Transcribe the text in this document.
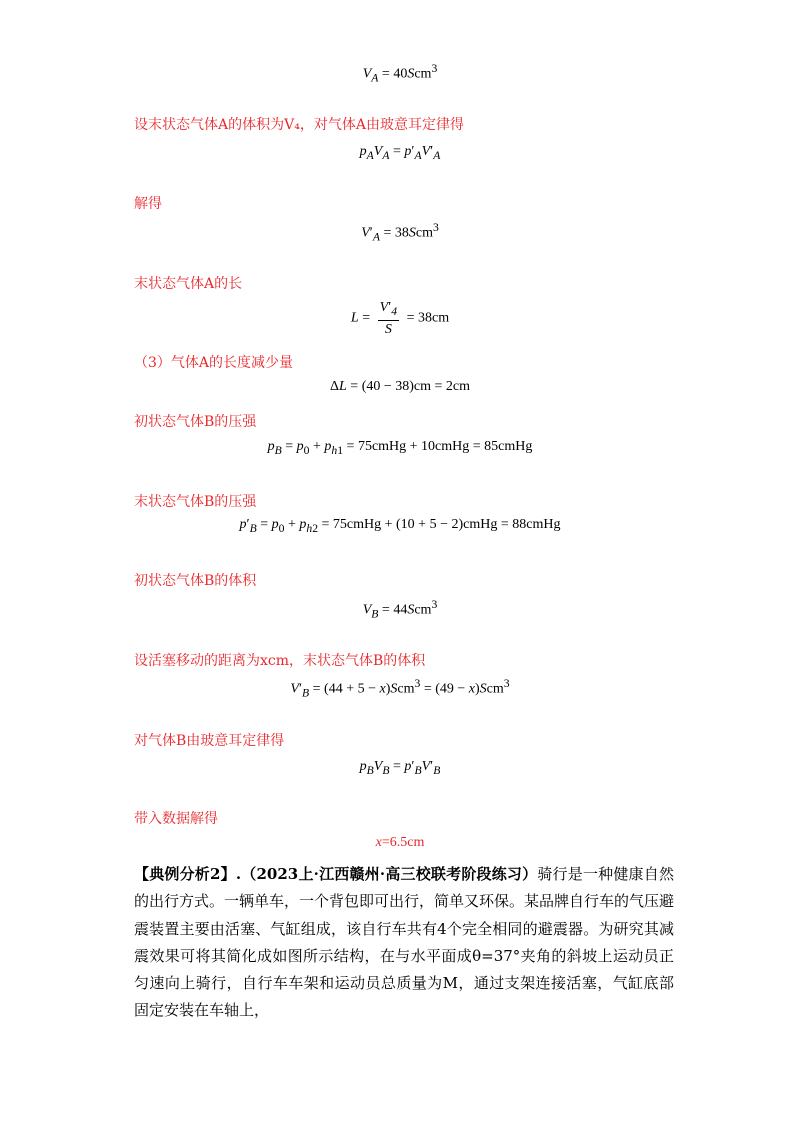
$V_A = 40Scm^3$
设末状态气体A的体积为V₄，对气体A由玻意耳定律得
$p_AV_A = p'_AV'_A$
解得
$V'_A = 38Scm^3$
末状态气体A的长
$L = \frac{V'_4}{S} = 38cm$
（3）气体A的长度减少量
ΔL = (40 − 38)cm = 2cm
初状态气体B的压强
$p_B = p_0 + p_{h1}$ = 75cmHg + 10cmHg = 85cmHg
末状态气体B的压强
$p'_B = p_0 + p_{h2}$ = 75cmHg + (10 + 5 − 2)cmHg = 88cmHg
初状态气体B的体积
$V_B = 44Scm^3$
设活塞移动的距离为xcm，末状态气体B的体积
$V'_B = (44 + 5 - x)Scm^3 = (49 - x)Scm^3$
对气体B由玻意耳定律得
$p_BV_B = p'_BV'_B$
带入数据解得
x=6.5cm
【典例分析2】.（2023上·江西赣州·高三校联考阶段练习）骑行是一种健康自然的出行方式。一辆单车，一个背包即可出行，简单又环保。某品牌自行车的气压避震装置主要由活塞、气缸组成，该自行车共有4个完全相同的避震器。为研究其减震效果可将其简化成如图所示结构，在与水平面成θ=37°夹角的斜坡上运动员正匀速向上骑行，自行车车架和运动员总质量为M，通过支架连接活塞，气缸底部固定安装在车轴上，
